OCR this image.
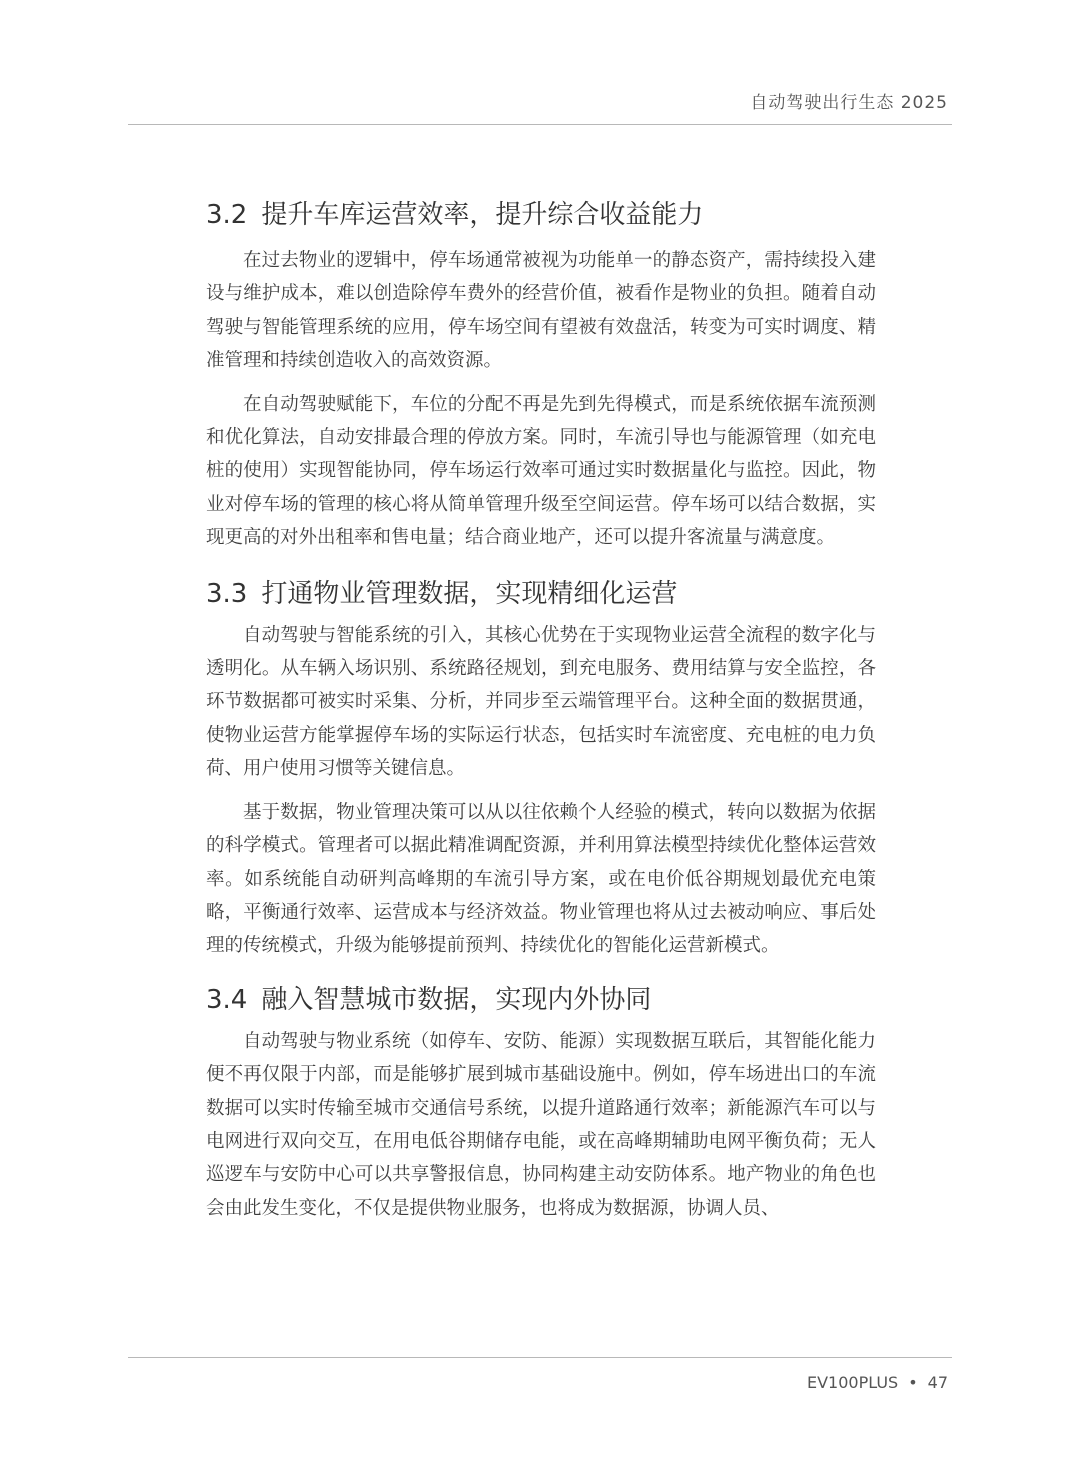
自动驾驶出行生态 2025
3.2 提升车库运营效率，提升综合收益能力

在过去物业的逻辑中，停车场通常被视为功能单一的静态资产，需持续投入建设与维护成本，难以创造除停车费外的经营价值，被看作是物业的负担。随着自动驾驶与智能管理系统的应用，停车场空间有望被有效盘活，转变为可实时调度、精准管理和持续创造收入的高效资源。

在自动驾驶赋能下，车位的分配不再是先到先得模式，而是系统依据车流预测和优化算法，自动安排最合理的停放方案。同时，车流引导也与能源管理（如充电桩的使用）实现智能协同，停车场运行效率可通过实时数据量化与监控。因此，物业对停车场的管理的核心将从简单管理升级至空间运营。停车场可以结合数据，实现更高的对外出租率和售电量；结合商业地产，还可以提升客流量与满意度。

3.3 打通物业管理数据，实现精细化运营

自动驾驶与智能系统的引入，其核心优势在于实现物业运营全流程的数字化与透明化。从车辆入场识别、系统路径规划，到充电服务、费用结算与安全监控，各环节数据都可被实时采集、分析，并同步至云端管理平台。这种全面的数据贯通，使物业运营方能掌握停车场的实际运行状态，包括实时车流密度、充电桩的电力负荷、用户使用习惯等关键信息。

基于数据，物业管理决策可以从以往依赖个人经验的模式，转向以数据为依据的科学模式。管理者可以据此精准调配资源，并利用算法模型持续优化整体运营效率。如系统能自动研判高峰期的车流引导方案，或在电价低谷期规划最优充电策略，平衡通行效率、运营成本与经济效益。物业管理也将从过去被动响应、事后处理的传统模式，升级为能够提前预判、持续优化的智能化运营新模式。

3.4 融入智慧城市数据，实现内外协同

自动驾驶与物业系统（如停车、安防、能源）实现数据互联后，其智能化能力便不再仅限于内部，而是能够扩展到城市基础设施中。例如，停车场进出口的车流数据可以实时传输至城市交通信号系统，以提升道路通行效率；新能源汽车可以与电网进行双向交互，在用电低谷期储存电能，或在高峰期辅助电网平衡负荷；无人巡逻车与安防中心可以共享警报信息，协同构建主动安防体系。地产物业的角色也会由此发生变化，不仅是提供物业服务，也将成为数据源，协调人员、

EV100PLUS • 47
